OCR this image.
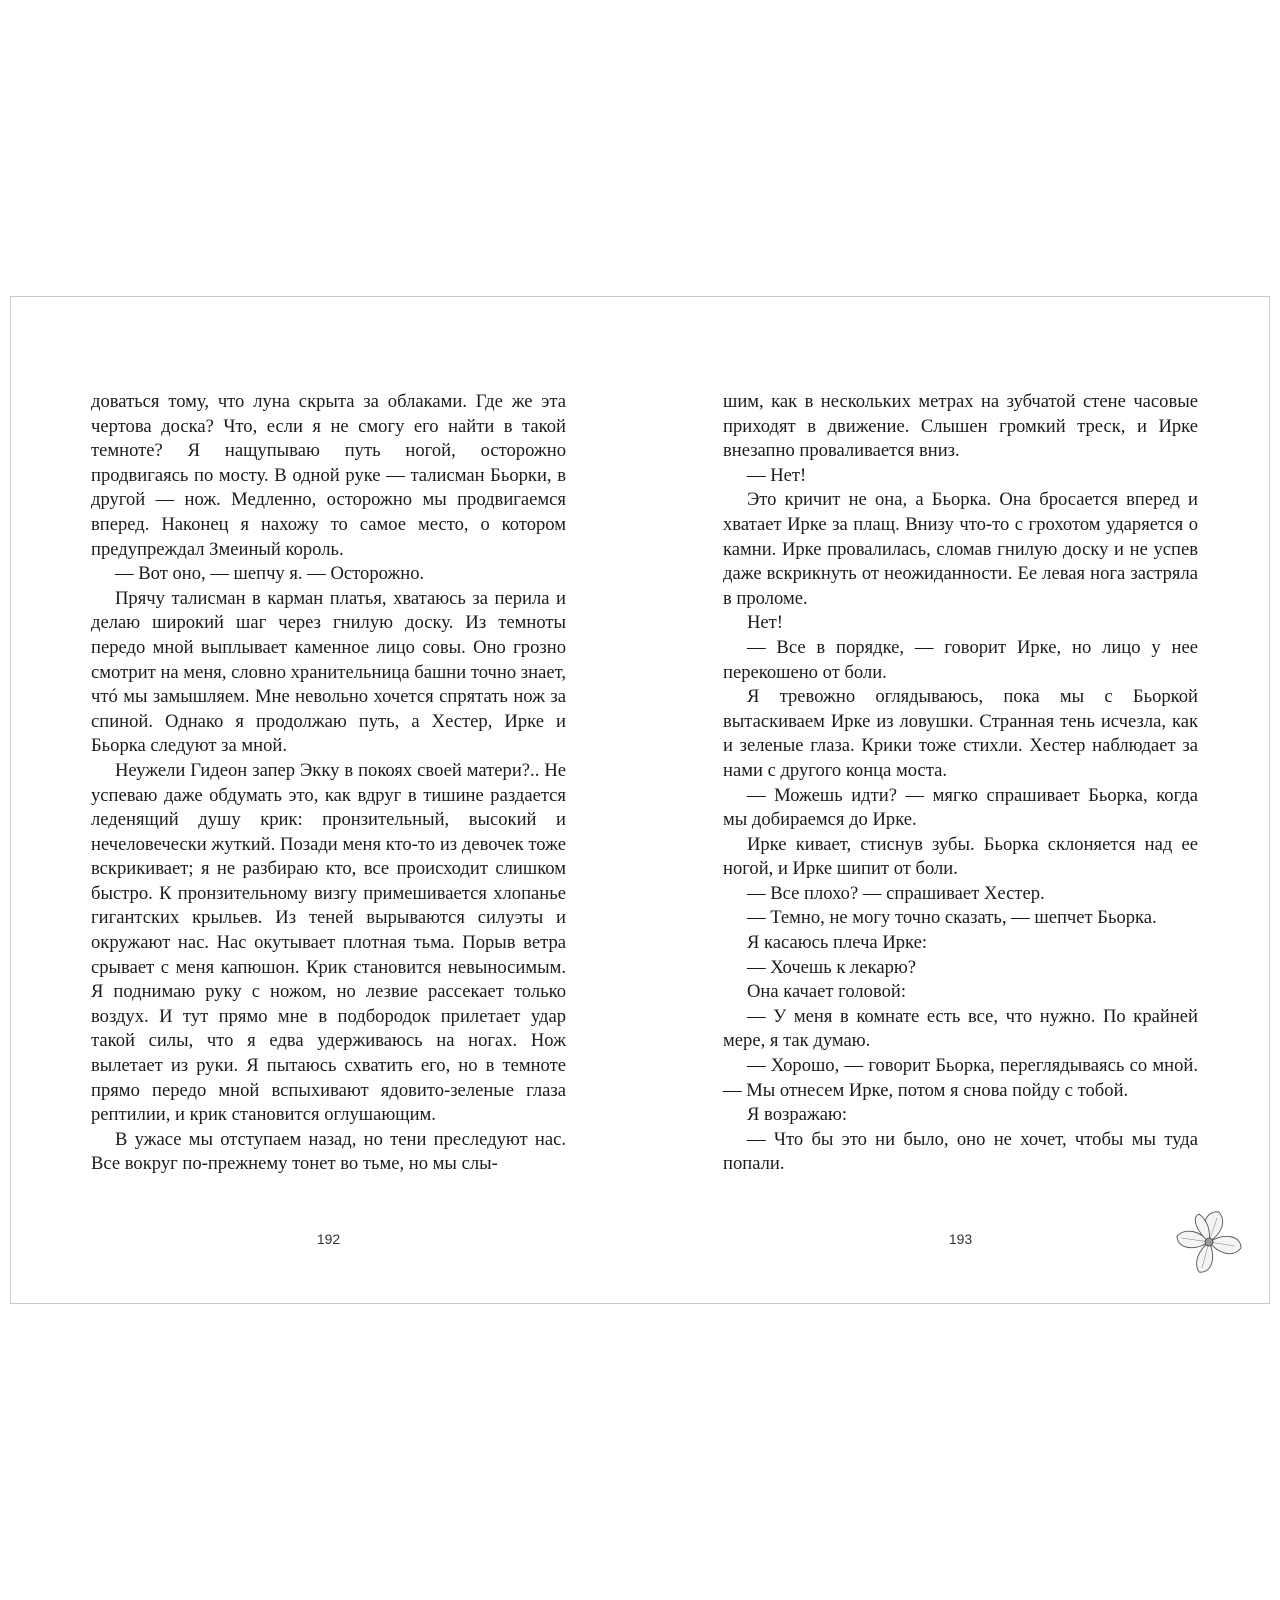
доваться тому, что луна скрыта за облаками. Где же эта чертова доска? Что, если я не смогу его найти в такой темноте? Я нащупываю путь ногой, осторожно продвигаясь по мосту. В одной руке — талисман Бьорки, в другой — нож. Медленно, осторожно мы продвигаемся вперед. Наконец я нахожу то самое место, о котором предупреждал Змеиный король.

— Вот оно, — шепчу я. — Осторожно.

Прячу талисман в карман платья, хватаюсь за перила и делаю широкий шаг через гнилую доску. Из темноты передо мной выплывает каменное лицо совы. Оно грозно смотрит на меня, словно хранительница башни точно знает, чтó мы замышляем. Мне невольно хочется спрятать нож за спиной. Однако я продолжаю путь, а Хестер, Ирке и Бьорка следуют за мной.

Неужели Гидеон запер Экку в покоях своей матери?.. Не успеваю даже обдумать это, как вдруг в тишине раздается леденящий душу крик: пронзительный, высокий и нечеловечески жуткий. Позади меня кто-то из девочек тоже вскрикивает; я не разбираю кто, все происходит слишком быстро. К пронзительному визгу примешивается хлопанье гигантских крыльев. Из теней вырываются силуэты и окружают нас. Нас окутывает плотная тьма. Порыв ветра срывает с меня капюшон. Крик становится невыносимым. Я поднимаю руку с ножом, но лезвие рассекает только воздух. И тут прямо мне в подбородок прилетает удар такой силы, что я едва удерживаюсь на ногах. Нож вылетает из руки. Я пытаюсь схватить его, но в темноте прямо передо мной вспыхивают ядовито-зеленые глаза рептилии, и крик становится оглушающим.

В ужасе мы отступаем назад, но тени преследуют нас. Все вокруг по-прежнему тонет во тьме, но мы слы-

шим, как в нескольких метрах на зубчатой стене часовые приходят в движение. Слышен громкий треск, и Ирке внезапно проваливается вниз.

— Нет!

Это кричит не она, а Бьорка. Она бросается вперед и хватает Ирке за плащ. Внизу что-то с грохотом ударяется о камни. Ирке провалилась, сломав гнилую доску и не успев даже вскрикнуть от неожиданности. Ее левая нога застряла в проломе.

Нет!

— Все в порядке, — говорит Ирке, но лицо у нее перекошено от боли.

Я тревожно оглядываюсь, пока мы с Бьоркой вытаскиваем Ирке из ловушки. Странная тень исчезла, как и зеленые глаза. Крики тоже стихли. Хестер наблюдает за нами с другого конца моста.

— Можешь идти? — мягко спрашивает Бьорка, когда мы добираемся до Ирке.

Ирке кивает, стиснув зубы. Бьорка склоняется над ее ногой, и Ирке шипит от боли.

— Все плохо? — спрашивает Хестер.

— Темно, не могу точно сказать, — шепчет Бьорка.

Я касаюсь плеча Ирке:

— Хочешь к лекарю?

Она качает головой:

— У меня в комнате есть все, что нужно. По крайней мере, я так думаю.

— Хорошо, — говорит Бьорка, переглядываясь со мной. — Мы отнесем Ирке, потом я снова пойду с тобой.

Я возражаю:

— Что бы это ни было, оно не хочет, чтобы мы туда попали.

192	193
